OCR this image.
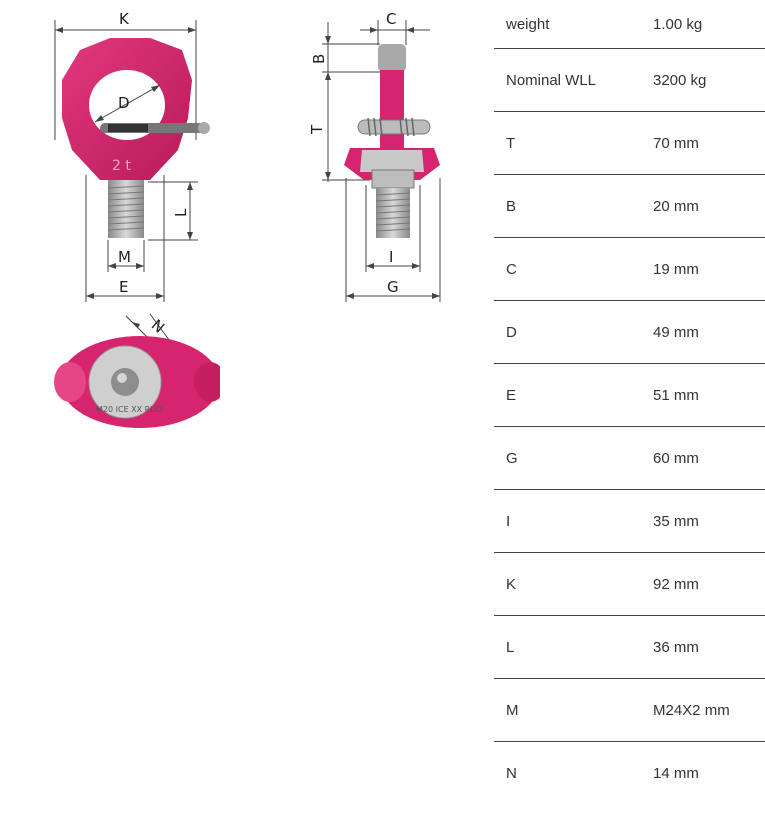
K
D
2 t
L
M
E
C
B
T
I
G
N
M20 ICE XX RUD
weight	1.00 kg
Nominal WLL	3200 kg
T	70 mm
B	20 mm
C	19 mm
D	49 mm
E	51 mm
G	60 mm
I	35 mm
K	92 mm
L	36 mm
M	M24X2 mm
N	14 mm
